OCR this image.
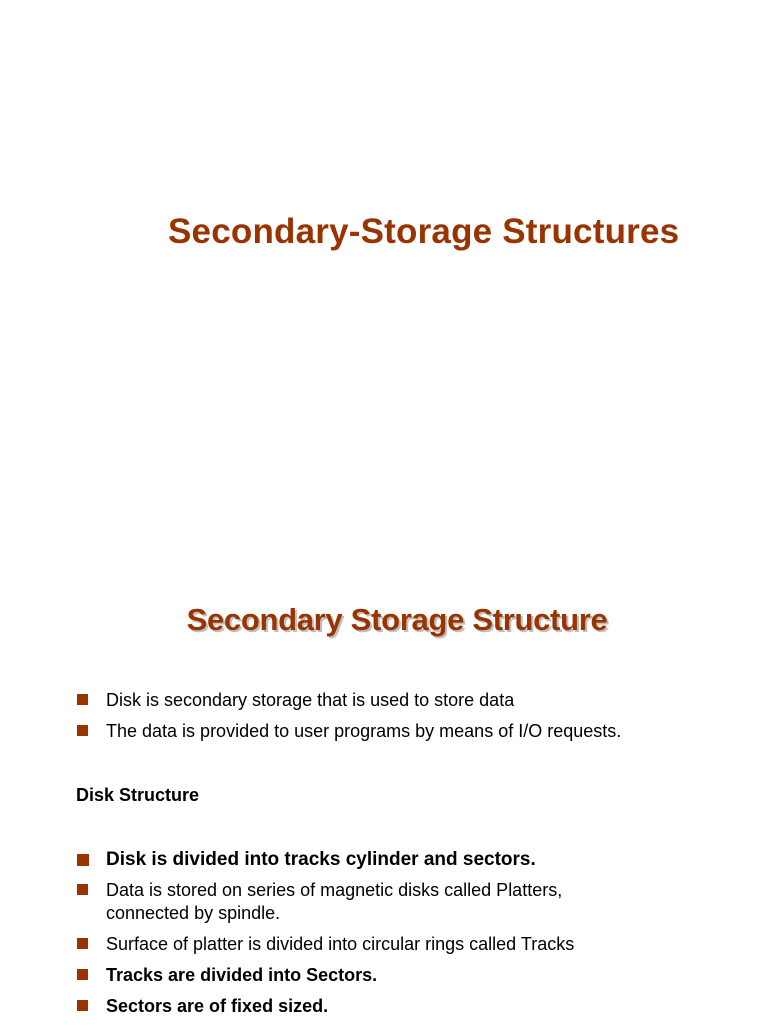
Secondary-Storage Structures
Secondary Storage Structure
Disk is secondary storage that is used to store data
The data is provided to user programs by means of I/O requests.
Disk Structure
Disk is divided into tracks cylinder and sectors.
Data is stored on series of magnetic disks called Platters,
connected by spindle.
Surface of platter is divided into circular rings called Tracks
Tracks are divided into Sectors.
Sectors are of fixed sized.
